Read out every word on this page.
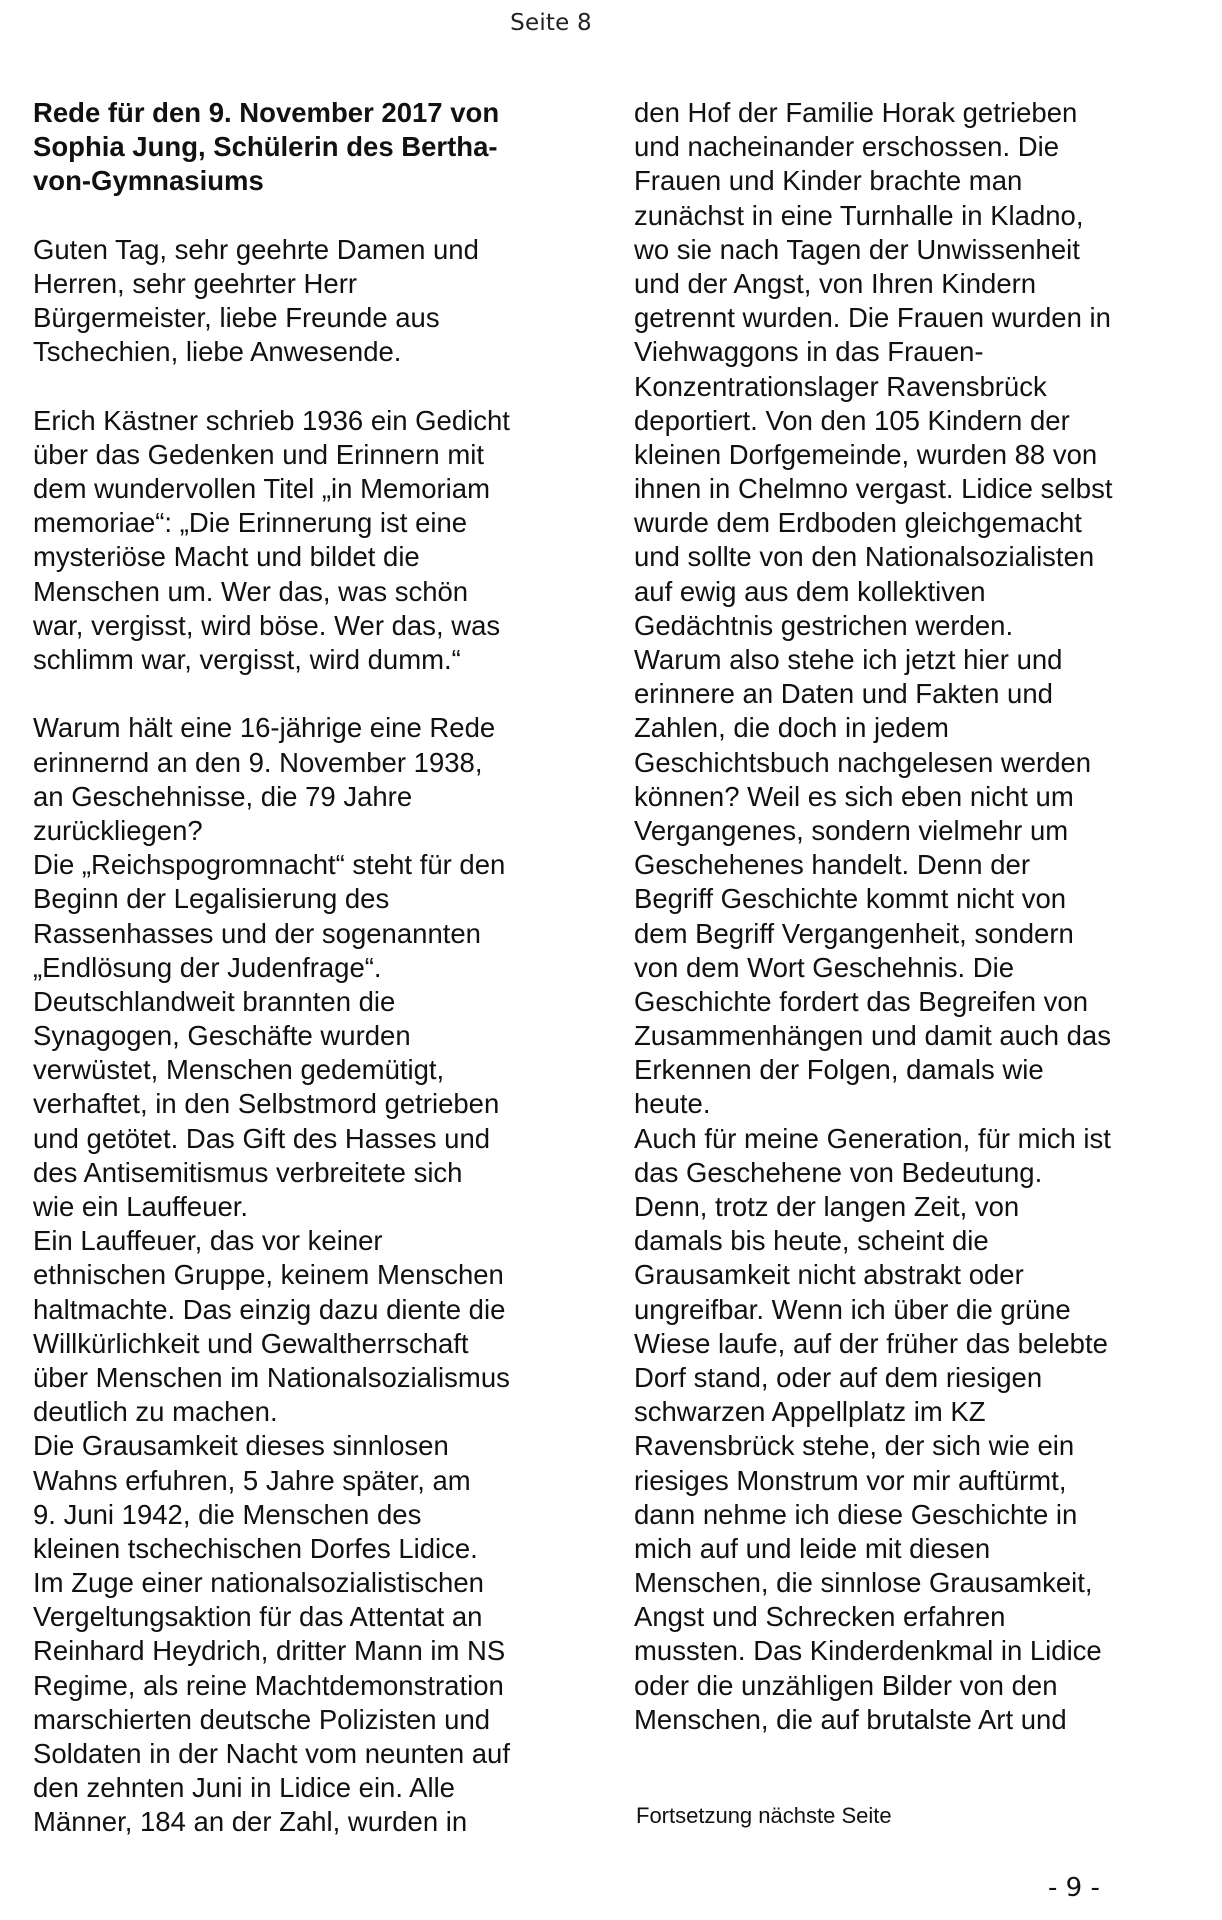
Seite 8
Rede für den 9. November 2017 von
Sophia Jung, Schülerin des Bertha-
von-Gymnasiums
Guten Tag, sehr geehrte Damen und
Herren, sehr geehrter Herr
Bürgermeister, liebe Freunde aus
Tschechien, liebe Anwesende.
Erich Kästner schrieb 1936 ein Gedicht
über das Gedenken und Erinnern mit
dem wundervollen Titel „in Memoriam
memoriae“: „Die Erinnerung ist eine
mysteriöse Macht und bildet die
Menschen um. Wer das, was schön
war, vergisst, wird böse. Wer das, was
schlimm war, vergisst, wird dumm.“
Warum hält eine 16-jährige eine Rede
erinnernd an den 9. November 1938,
an Geschehnisse, die 79 Jahre
zurückliegen?
Die „Reichspogromnacht“ steht für den
Beginn der Legalisierung des
Rassenhasses und der sogenannten
„Endlösung der Judenfrage“.
Deutschlandweit brannten die
Synagogen, Geschäfte wurden
verwüstet, Menschen gedemütigt,
verhaftet, in den Selbstmord getrieben
und getötet. Das Gift des Hasses und
des Antisemitismus verbreitete sich
wie ein Lauffeuer.
Ein Lauffeuer, das vor keiner
ethnischen Gruppe, keinem Menschen
haltmachte. Das einzig dazu diente die
Willkürlichkeit und Gewaltherrschaft
über Menschen im Nationalsozialismus
deutlich zu machen.
Die Grausamkeit dieses sinnlosen
Wahns erfuhren, 5 Jahre später, am
9. Juni 1942, die Menschen des
kleinen tschechischen Dorfes Lidice.
Im Zuge einer nationalsozialistischen
Vergeltungsaktion für das Attentat an
Reinhard Heydrich, dritter Mann im NS
Regime, als reine Machtdemonstration
marschierten deutsche Polizisten und
Soldaten in der Nacht vom neunten auf
den zehnten Juni in Lidice ein. Alle
Männer, 184 an der Zahl, wurden in
den Hof der Familie Horak getrieben
und nacheinander erschossen. Die
Frauen und Kinder brachte man
zunächst in eine Turnhalle in Kladno,
wo sie nach Tagen der Unwissenheit
und der Angst, von Ihren Kindern
getrennt wurden. Die Frauen wurden in
Viehwaggons in das Frauen-
Konzentrationslager Ravensbrück
deportiert. Von den 105 Kindern der
kleinen Dorfgemeinde, wurden 88 von
ihnen in Chelmno vergast. Lidice selbst
wurde dem Erdboden gleichgemacht
und sollte von den Nationalsozialisten
auf ewig aus dem kollektiven
Gedächtnis gestrichen werden.
Warum also stehe ich jetzt hier und
erinnere an Daten und Fakten und
Zahlen, die doch in jedem
Geschichtsbuch nachgelesen werden
können? Weil es sich eben nicht um
Vergangenes, sondern vielmehr um
Geschehenes handelt. Denn der
Begriff Geschichte kommt nicht von
dem Begriff Vergangenheit, sondern
von dem Wort Geschehnis. Die
Geschichte fordert das Begreifen von
Zusammenhängen und damit auch das
Erkennen der Folgen, damals wie
heute.
Auch für meine Generation, für mich ist
das Geschehene von Bedeutung.
Denn, trotz der langen Zeit, von
damals bis heute, scheint die
Grausamkeit nicht abstrakt oder
ungreifbar. Wenn ich über die grüne
Wiese laufe, auf der früher das belebte
Dorf stand, oder auf dem riesigen
schwarzen Appellplatz im KZ
Ravensbrück stehe, der sich wie ein
riesiges Monstrum vor mir auftürmt,
dann nehme ich diese Geschichte in
mich auf und leide mit diesen
Menschen, die sinnlose Grausamkeit,
Angst und Schrecken erfahren
mussten. Das Kinderdenkmal in Lidice
oder die unzähligen Bilder von den
Menschen, die auf brutalste Art und
Fortsetzung nächste Seite
- 9 -
